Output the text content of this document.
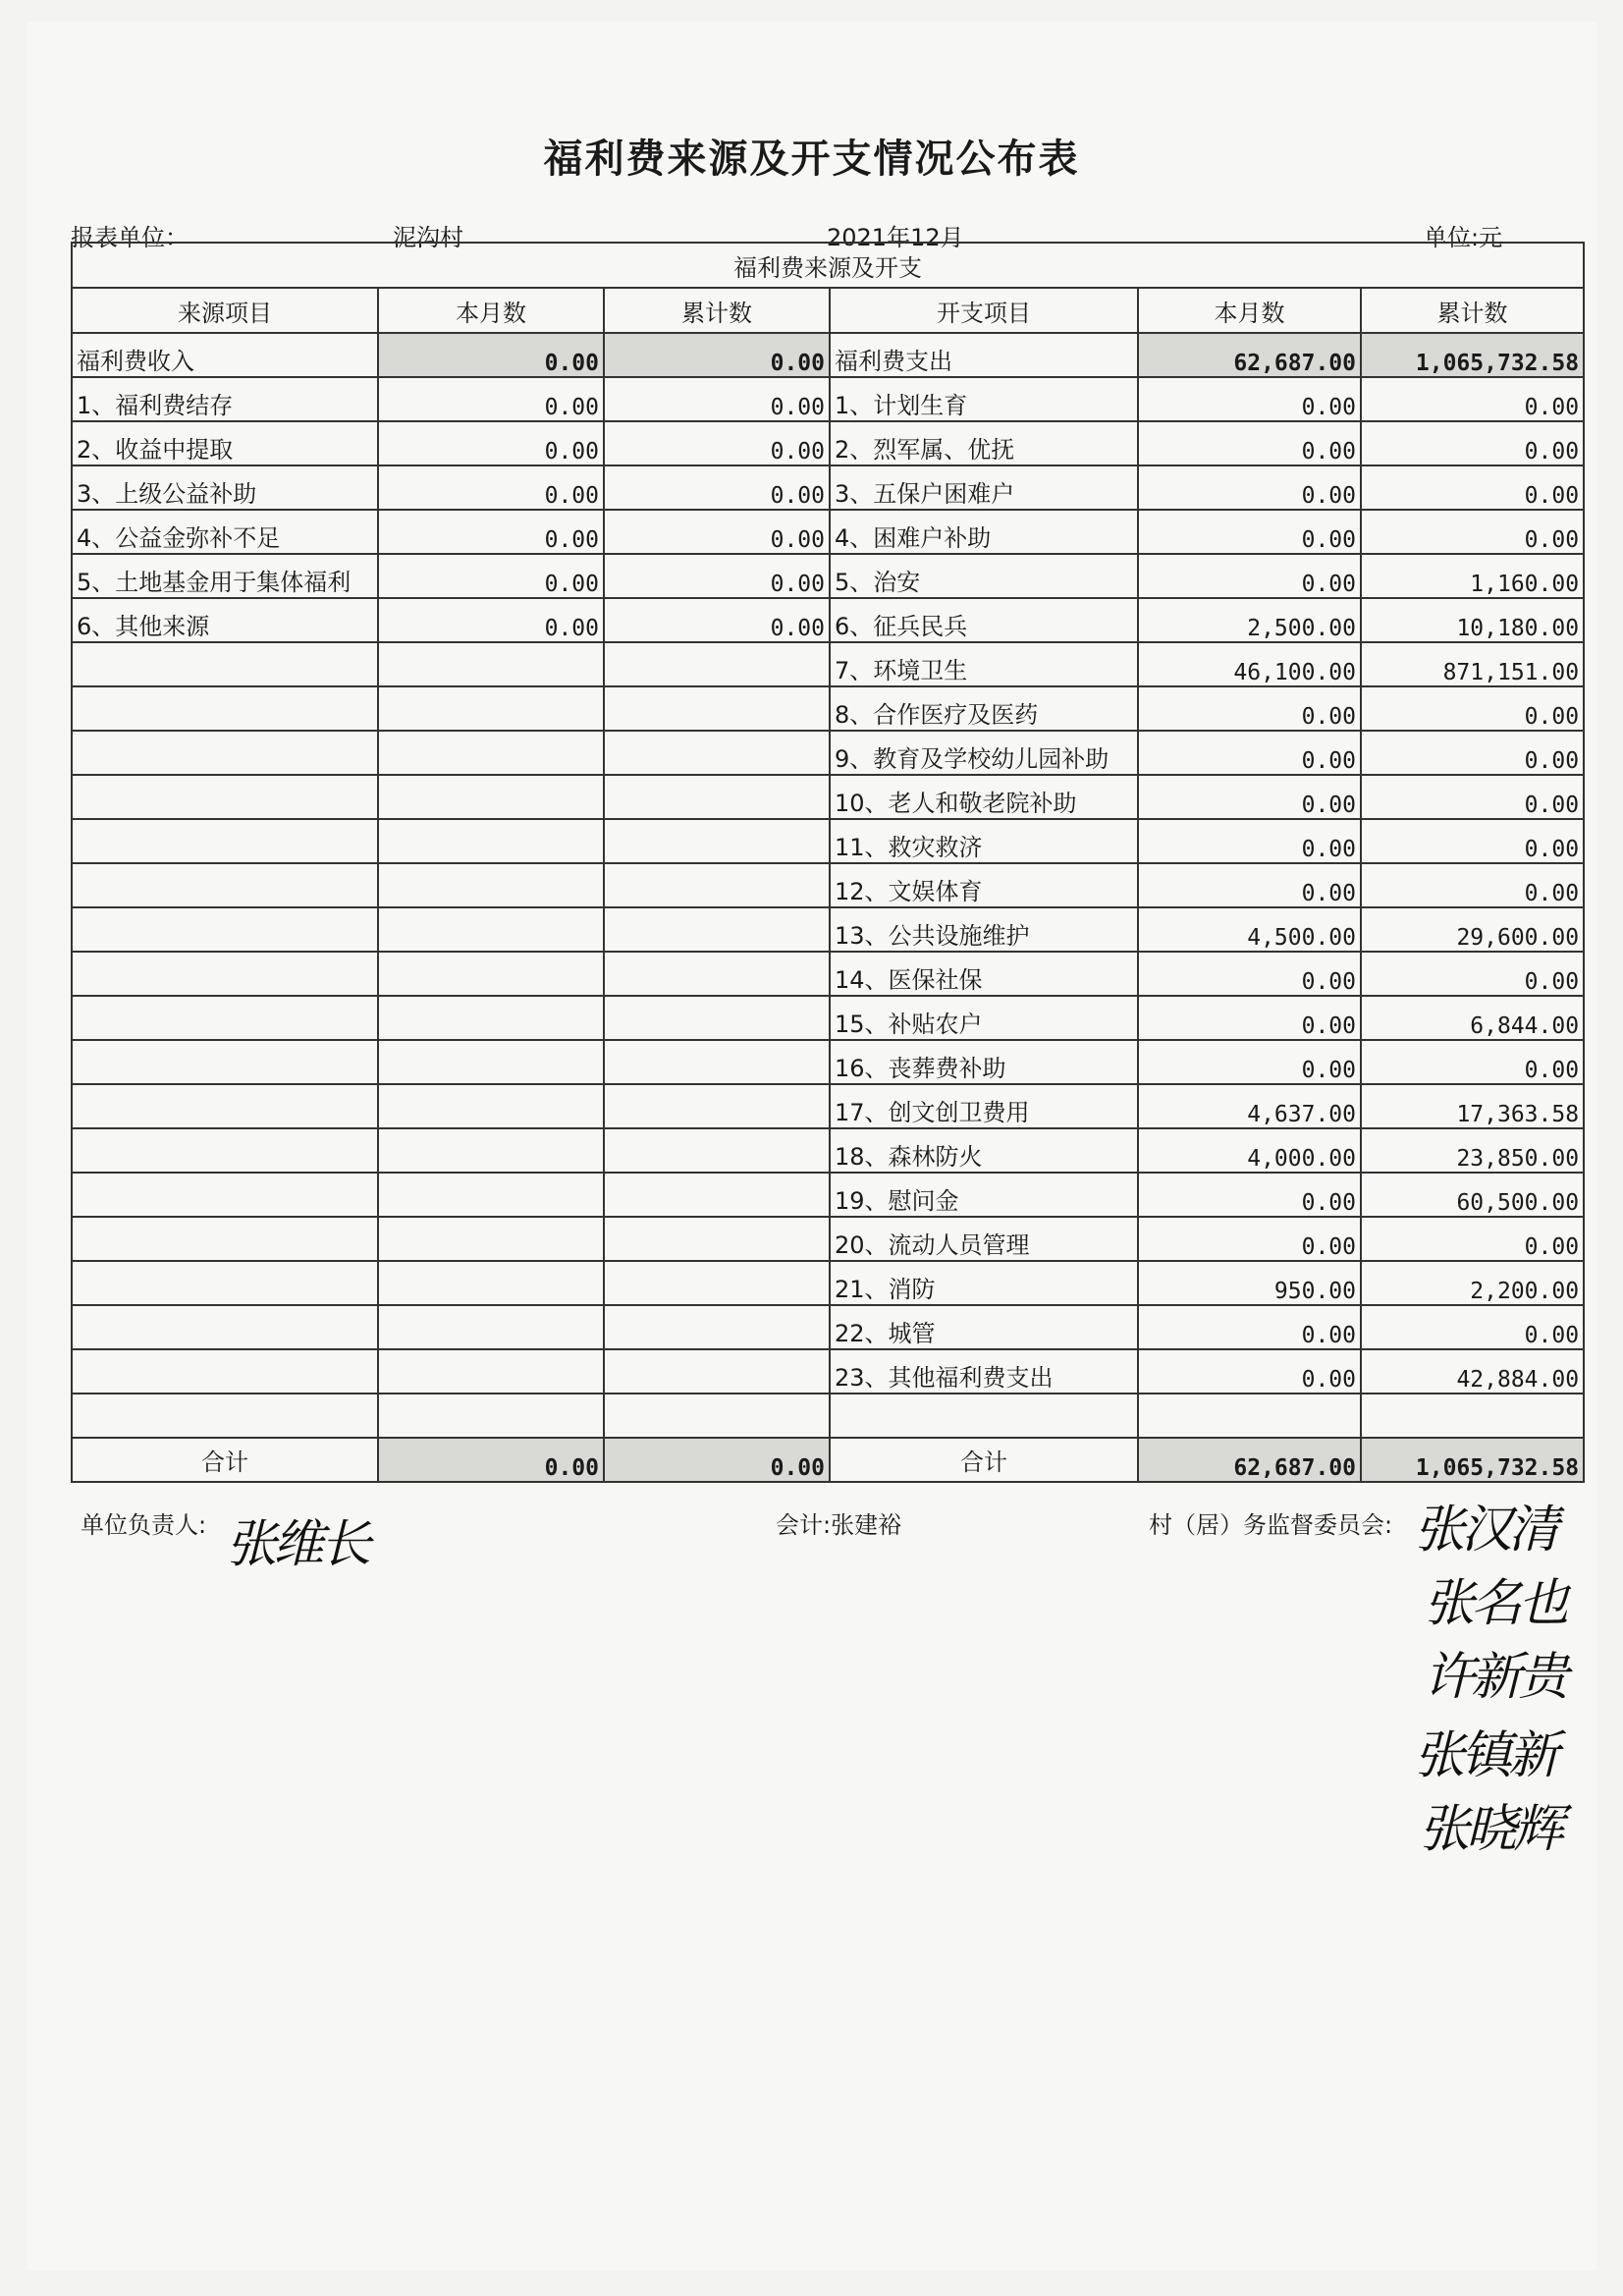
福利费来源及开支情况公布表
报表单位：	泥沟村	2021年12月	单位:元
福利费来源及开支					
来源项目	本月数	累计数	开支项目	本月数	累计数
福利费收入	0.00	0.00	福利费支出	62,687.00	1,065,732.58
1、福利费结存	0.00	0.00	1、计划生育	0.00	0.00
2、收益中提取	0.00	0.00	2、烈军属、优抚	0.00	0.00
3、上级公益补助	0.00	0.00	3、五保户困难户	0.00	0.00
4、公益金弥补不足	0.00	0.00	4、困难户补助	0.00	0.00
5、土地基金用于集体福利	0.00	0.00	5、治安	0.00	1,160.00
6、其他来源	0.00	0.00	6、征兵民兵	2,500.00	10,180.00
			7、环境卫生	46,100.00	871,151.00
			8、合作医疗及医药	0.00	0.00
			9、教育及学校幼儿园补助	0.00	0.00
			10、老人和敬老院补助	0.00	0.00
			11、救灾救济	0.00	0.00
			12、文娱体育	0.00	0.00
			13、公共设施维护	4,500.00	29,600.00
			14、医保社保	0.00	0.00
			15、补贴农户	0.00	6,844.00
			16、丧葬费补助	0.00	0.00
			17、创文创卫费用	4,637.00	17,363.58
			18、森林防火	4,000.00	23,850.00
			19、慰问金	0.00	60,500.00
			20、流动人员管理	0.00	0.00
			21、消防	950.00	2,200.00
			22、城管	0.00	0.00
			23、其他福利费支出	0.00	42,884.00

合计	0.00	0.00	合计	62,687.00	1,065,732.58
单位负责人:	会计:张建裕	村（居）务监督委员会:
张维长	张汉清
张名也
许新贵
张镇新
张晓辉
